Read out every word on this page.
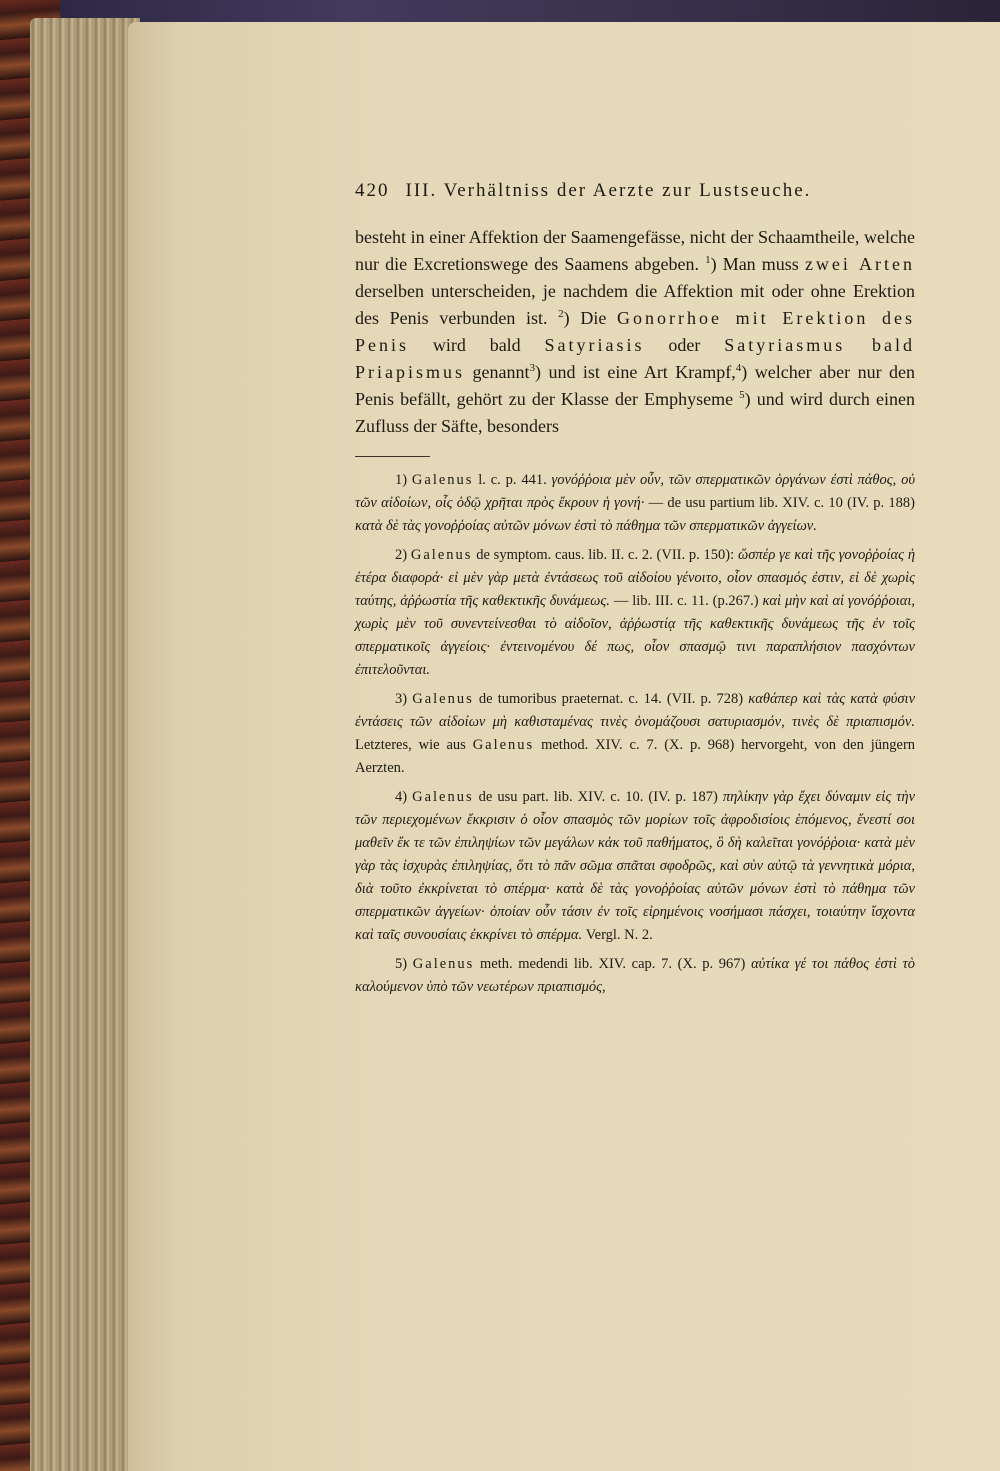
420 III. Verhältniss der Aerzte zur Lustseuche.

besteht in einer Affektion der Saamengefässe, nicht der Schaamtheile, welche nur die Excretionswege des Saamens abgeben. $^1$) Man muss zwei Arten derselben unterscheiden, je nachdem die Affektion mit oder ohne Erektion des Penis verbunden ist. $^2$) Die Gonorrhoe mit Erektion des Penis wird bald Satyriasis oder Satyriasmus bald Priapismus genannt$^3$) und ist eine Art Krampf,$^4$) welcher aber nur den Penis befällt, gehört zu der Klasse der Emphyseme $^5$) und wird durch einen Zufluss der Säfte, besonders

1) Galenus l. c. p. 441. γονόῤῥοια μὲν οὖν, τῶν σπερματικῶν ὀργάνων ἐστὶ πάθος, οὐ τῶν αἰδοίων, οἷς ὁδῷ χρῆται πρὸς ἔκρουν ἡ γονή· — de usu partium lib. XIV. c. 10 (IV. p. 188) κατὰ δὲ τὰς γονοῤῥοίας αὐτῶν μόνων ἐστὶ τὸ πάθημα τῶν σπερματικῶν ἀγγείων.

2) Galenus de symptom. caus. lib. II. c. 2. (VII. p. 150): ὥσπέρ γε καὶ τῆς γονοῤῥοίας ἡ ἑτέρα διαφορά· εἰ μὲν γὰρ μετὰ ἐντάσεως τοῦ αἰδοίου γένοιτο, οἷον σπασμός ἐστιν, εἰ δὲ χωρὶς ταύτης, ἀῤῥωστία τῆς καθεκτικῆς δυνάμεως. — lib. III. c. 11. (p.267.) καὶ μὴν καὶ αἱ γονόῤῥοιαι, χωρὶς μὲν τοῦ συνεντείνεσθαι τὸ αἰδοῖον, ἀῤῥωστίᾳ τῆς καθεκτικῆς δυνάμεως τῆς ἐν τοῖς σπερματικοῖς ἀγγείοις· ἐντεινομένου δέ πως, οἷον σπασμῷ τινι παραπλήσιον πασχόντων ἐπιτελοῦνται.

3) Galenus de tumoribus praeternat. c. 14. (VII. p. 728) καθάπερ καὶ τὰς κατὰ φύσιν ἐντάσεις τῶν αἰδοίων μὴ καθισταμένας τινὲς ὀνομάζουσι σατυριασμόν, τινὲς δὲ πριαπισμόν. Letzteres, wie aus Galenus method. XIV. c. 7. (X. p. 968) hervorgeht, von den jüngern Aerzten.

4) Galenus de usu part. lib. XIV. c. 10. (IV. p. 187) πηλίκην γὰρ ἔχει δύναμιν εἰς τὴν τῶν περιεχομένων ἔκκρισιν ὁ οἷον σπασμὸς τῶν μορίων τοῖς ἀφροδισίοις ἑπόμενος, ἔνεστί σοι μαθεῖν ἔκ τε τῶν ἐπιληψίων τῶν μεγάλων κἀκ τοῦ παθήματος, ὃ δὴ καλεῖται γονόῤῥοια· κατὰ μὲν γὰρ τὰς ἰσχυρὰς ἐπιληψίας, ὅτι τὸ πᾶν σῶμα σπᾶται σφοδρῶς, καὶ σὺν αὐτῷ τὰ γεννητικὰ μόρια, διὰ τοῦτο ἐκκρίνεται τὸ σπέρμα· κατὰ δὲ τὰς γονοῤῥοίας αὐτῶν μόνων ἐστὶ τὸ πάθημα τῶν σπερματικῶν ἀγγείων· ὁποίαν οὖν τάσιν ἐν τοῖς εἰρημένοις νοσήμασι πάσχει, τοιαύτην ἴσχοντα καὶ ταῖς συνουσίαις ἐκκρίνει τὸ σπέρμα. Vergl. N. 2.

5) Galenus meth. medendi lib. XIV. cap. 7. (X. p. 967) αὐτίκα γέ τοι πάθος ἐστὶ τὸ καλούμενον ὑπὸ τῶν νεωτέρων πριαπισμός,
